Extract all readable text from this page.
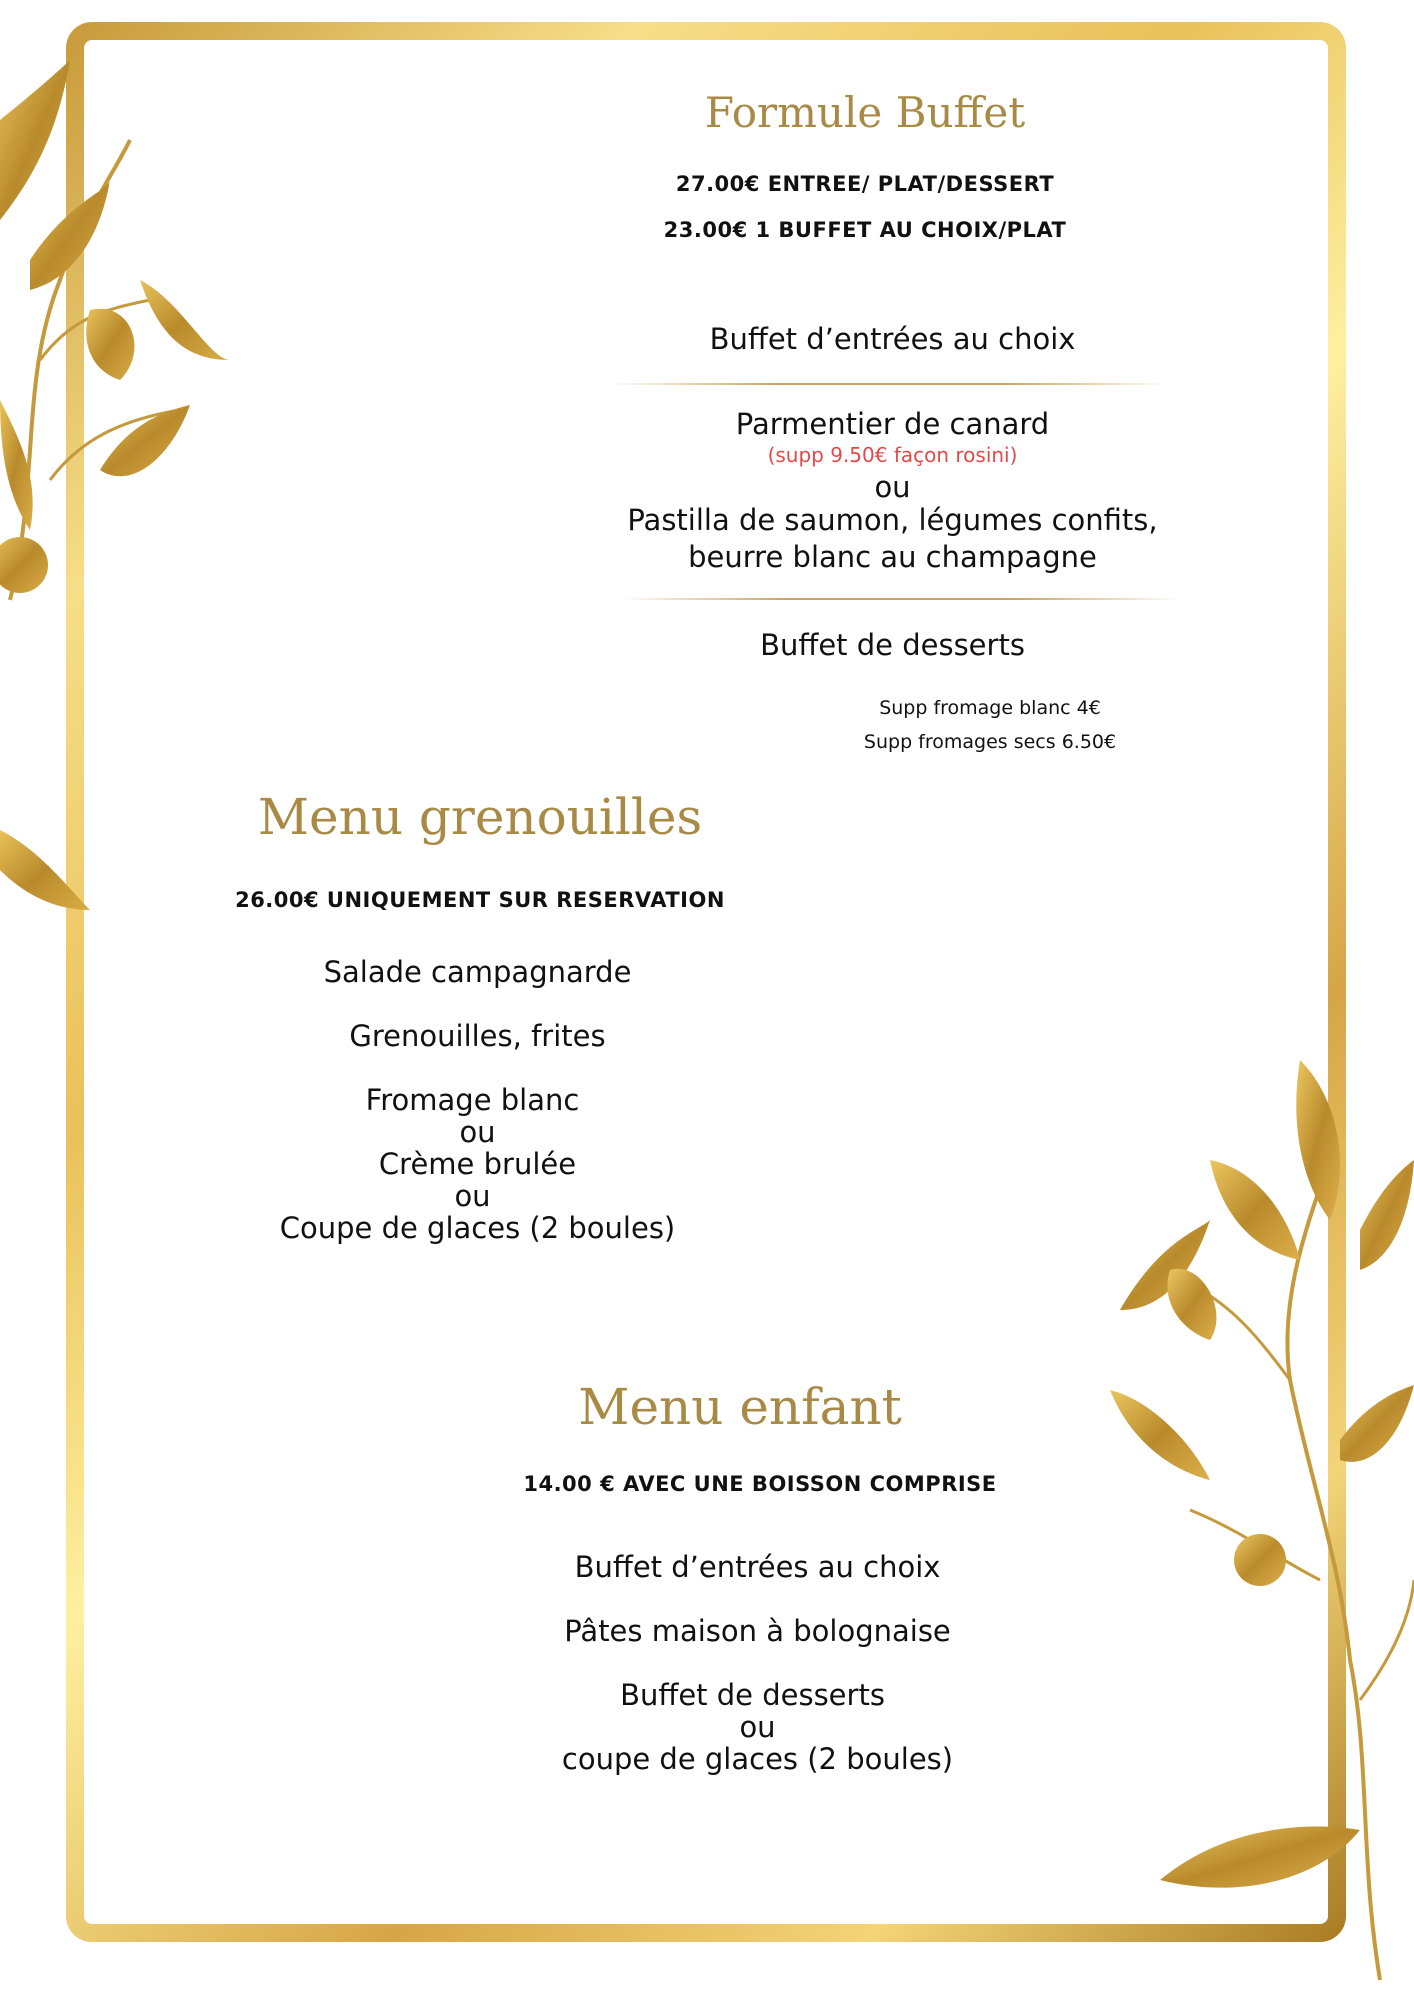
Formule Buffet
27.00€ ENTREE/ PLAT/DESSERT
23.00€ 1 BUFFET AU CHOIX/PLAT
Buffet d’entrées au choix
Parmentier de canard
(supp 9.50€ façon rosini)
ou
Pastilla de saumon, légumes confits,
beurre blanc au champagne
Buffet de desserts
Supp fromage blanc 4€
Supp fromages secs 6.50€
Menu grenouilles
26.00€ UNIQUEMENT SUR RESERVATION
Salade campagnarde
Grenouilles, frites
Fromage blanc
ou
Crème brulée
ou
Coupe de glaces (2 boules)
Menu enfant
14.00 € AVEC UNE BOISSON COMPRISE
Buffet d’entrées au choix
Pâtes maison à bolognaise
Buffet de desserts
ou
coupe de glaces (2 boules)
